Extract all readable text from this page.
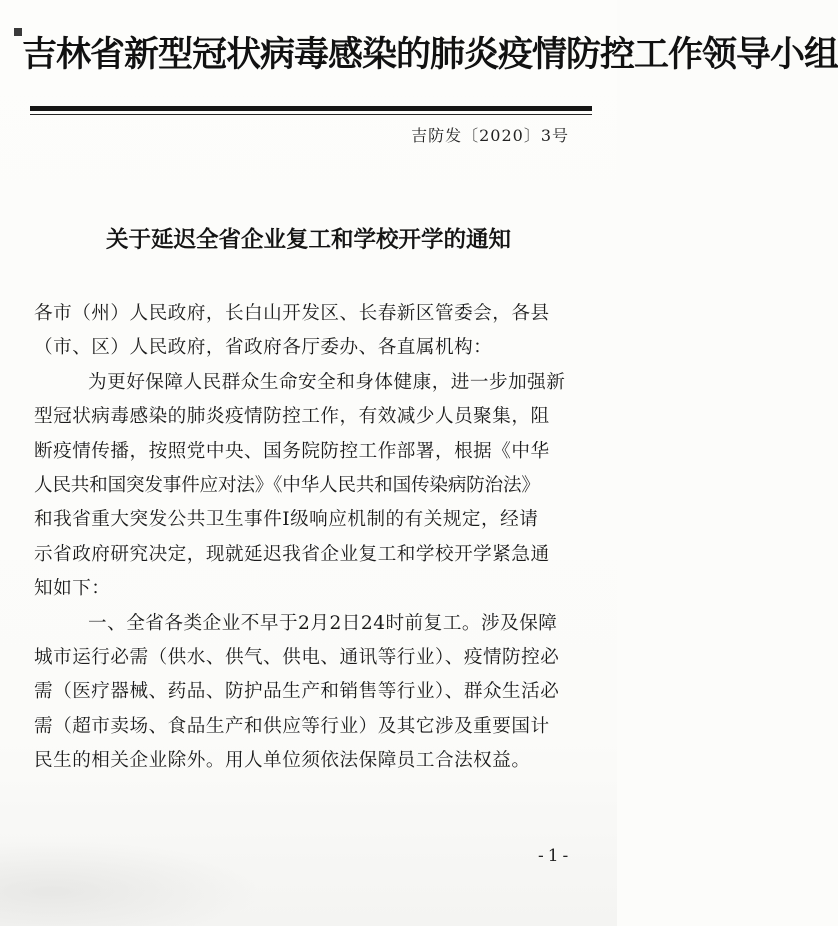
吉林省新型冠状病毒感染的肺炎疫情防控工作领导小组
吉防发〔2020〕3号
关于延迟全省企业复工和学校开学的通知
各市（州）人民政府，长白山开发区、长春新区管委会，各县
（市、区）人民政府，省政府各厅委办、各直属机构：
为更好保障人民群众生命安全和身体健康，进一步加强新
型冠状病毒感染的肺炎疫情防控工作，有效减少人员聚集，阻
断疫情传播，按照党中央、国务院防控工作部署，根据《中华
人民共和国突发事件应对法》《中华人民共和国传染病防治法》
和我省重大突发公共卫生事件Ⅰ级响应机制的有关规定，经请
示省政府研究决定，现就延迟我省企业复工和学校开学紧急通
知如下：
一、全省各类企业不早于2月2日24时前复工。涉及保障
城市运行必需（供水、供气、供电、通讯等行业）、疫情防控必
需（医疗器械、药品、防护品生产和销售等行业）、群众生活必
需（超市卖场、食品生产和供应等行业）及其它涉及重要国计
民生的相关企业除外。用人单位须依法保障员工合法权益。
-1-
